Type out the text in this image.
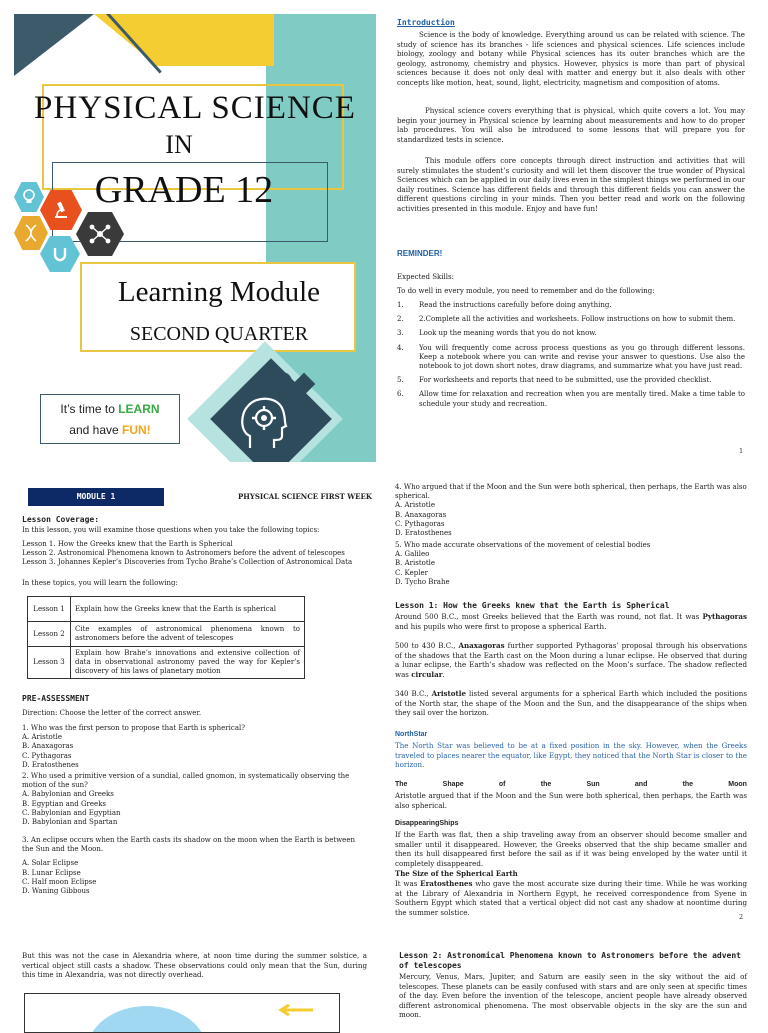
PHYSICAL SCIENCE
IN
GRADE 12
Learning Module
SECOND QUARTER
It’s time to LEARN
and have FUN!
Introduction
Science is the body of knowledge. Everything around us can be related with science. The study of science has its branches - life sciences and physical sciences. Life sciences include biology, zoology and botany while Physical sciences has its outer branches which are the geology, astronomy, chemistry and physics. However, physics is more than part of physical sciences because it does not only deal with matter and energy but it also deals with other concepts like motion, heat, sound, light, electricity, magnetism and composition of atoms.
Physical science covers everything that is physical, which quite covers a lot. You may begin your journey in Physical science by learning about measurements and how to do proper lab procedures. You will also be introduced to some lessons that will prepare you for standardized tests in science.
This module offers core concepts through direct instruction and activities that will surely stimulates the student’s curiosity and will let them discover the true wonder of Physical Sciences which can be applied in our daily lives even in the simplest things we performed in our daily routines. Science has different fields and through this different fields you can answer the different questions circling in your minds. Then you better read and work on the following activities presented in this module. Enjoy and have fun!
REMINDER!
Expected Skills:
To do well in every module, you need to remember and do the following:
1.	Read the instructions carefully before doing anything.
2.	2.Complete all the activities and worksheets. Follow instructions on how to submit them.
3.	Look up the meaning words that you do not know.
4.	You will frequently come across process questions as you go through different lessons. Keep a notebook where you can write and revise your answer to questions. Use also the notebook to jot down short notes, draw diagrams, and summarize what you have just read.
5.	For worksheets and reports that need to be submitted, use the provided checklist.
6.	Allow time for relaxation and recreation when you are mentally tired. Make a time table to schedule your study and recreation.
1
MODULE 1	PHYSICAL SCIENCE FIRST WEEK
Lesson Coverage:
In this lesson, you will examine those questions when you take the following topics:
Lesson 1. How the Greeks knew that the Earth is Spherical
Lesson 2. Astronomical Phenomena known to Astronomers before the advent of telescopes
Lesson 3. Johannes Kepler’s Discoveries from Tycho Brahe’s Collection of Astronomical Data
In these topics, you will learn the following:
Lesson 1	Explain how the Greeks knew that the Earth is spherical
Lesson 2	Cite examples of astronomical phenomena known to astronomers before the advent of telescopes
Lesson 3	Explain how Brahe’s innovations and extensive collection of data in observational astronomy paved the way for Kepler’s discovery of his laws of planetary motion
PRE-ASSESSMENT
Direction: Choose the letter of the correct answer.
1. Who was the first person to propose that Earth is spherical?
A. Aristotle
B. Anaxagoras
C. Pythagoras
D. Eratosthenes
2. Who used a primitive version of a sundial, called gnomon, in systematically observing the motion of the sun?
A. Babylonian and Greeks
B. Egyptian and Greeks
C. Babylonian and Egyptian
D. Babylonian and Spartan
3. An eclipse occurs when the Earth casts its shadow on the moon when the Earth is between the Sun and the Moon.
A. Solar Eclipse
B. Lunar Eclipse
C. Half moon Eclipse
D. Waning Gibbous
4. Who argued that if the Moon and the Sun were both spherical, then perhaps, the Earth was also spherical.
A. Aristotle
B. Anaxagoras
C. Pythagoras
D. Eratosthenes
5. Who made accurate observations of the movement of celestial bodies
A. Galileo
B. Aristotle
C. Kepler
D. Tycho Brahe
Lesson 1: How the Greeks knew that the Earth is Spherical
Around 500 B.C., most Greeks believed that the Earth was round, not flat. It was Pythagoras and his pupils who were first to propose a spherical Earth.
500 to 430 B.C., Anaxagoras further supported Pythagoras’ proposal through his observations of the shadows that the Earth cast on the Moon during a lunar eclipse. He observed that during a lunar eclipse, the Earth’s shadow was reflected on the Moon’s surface. The shadow reflected was circular.
340 B.C., Aristotle listed several arguments for a spherical Earth which included the positions of the North star, the shape of the Moon and the Sun, and the disappearance of the ships when they sail over the horizon.
NorthStar
The North Star was believed to be at a fixed position in the sky. However, when the Greeks traveled to places nearer the equator, like Egypt, they noticed that the North Star is closer to the horizon.
The	Shape	of	the	Sun	and	the	Moon
Aristotle argued that if the Moon and the Sun were both spherical, then perhaps, the Earth was also spherical.
DisappearingShips
If the Earth was flat, then a ship traveling away from an observer should become smaller and smaller until it disappeared. However, the Greeks observed that the ship became smaller and then its hull disappeared first before the sail as if it was being enveloped by the water until it completely disappeared.
The Size of the Spherical Earth
It was Eratosthenes who gave the most accurate size during their time. While he was working at the Library of Alexandria in Northern Egypt, he received correspondence from Syene in Southern Egypt which stated that a vertical object did not cast any shadow at noontime during the summer solstice.
2
But this was not the case in Alexandria where, at noon time during the summer solstice, a vertical object still casts a shadow. These observations could only mean that the Sun, during this time in Alexandria, was not directly overhead.
Lesson 2: Astronomical Phenomena known to Astronomers before the advent of telescopes
Mercury, Venus, Mars, Jupiter, and Saturn are easily seen in the sky without the aid of telescopes. These planets can be easily confused with stars and are only seen at specific times of the day. Even before the invention of the telescope, ancient people have already observed different astronomical phenomena. The most observable objects in the sky are the sun and moon.
